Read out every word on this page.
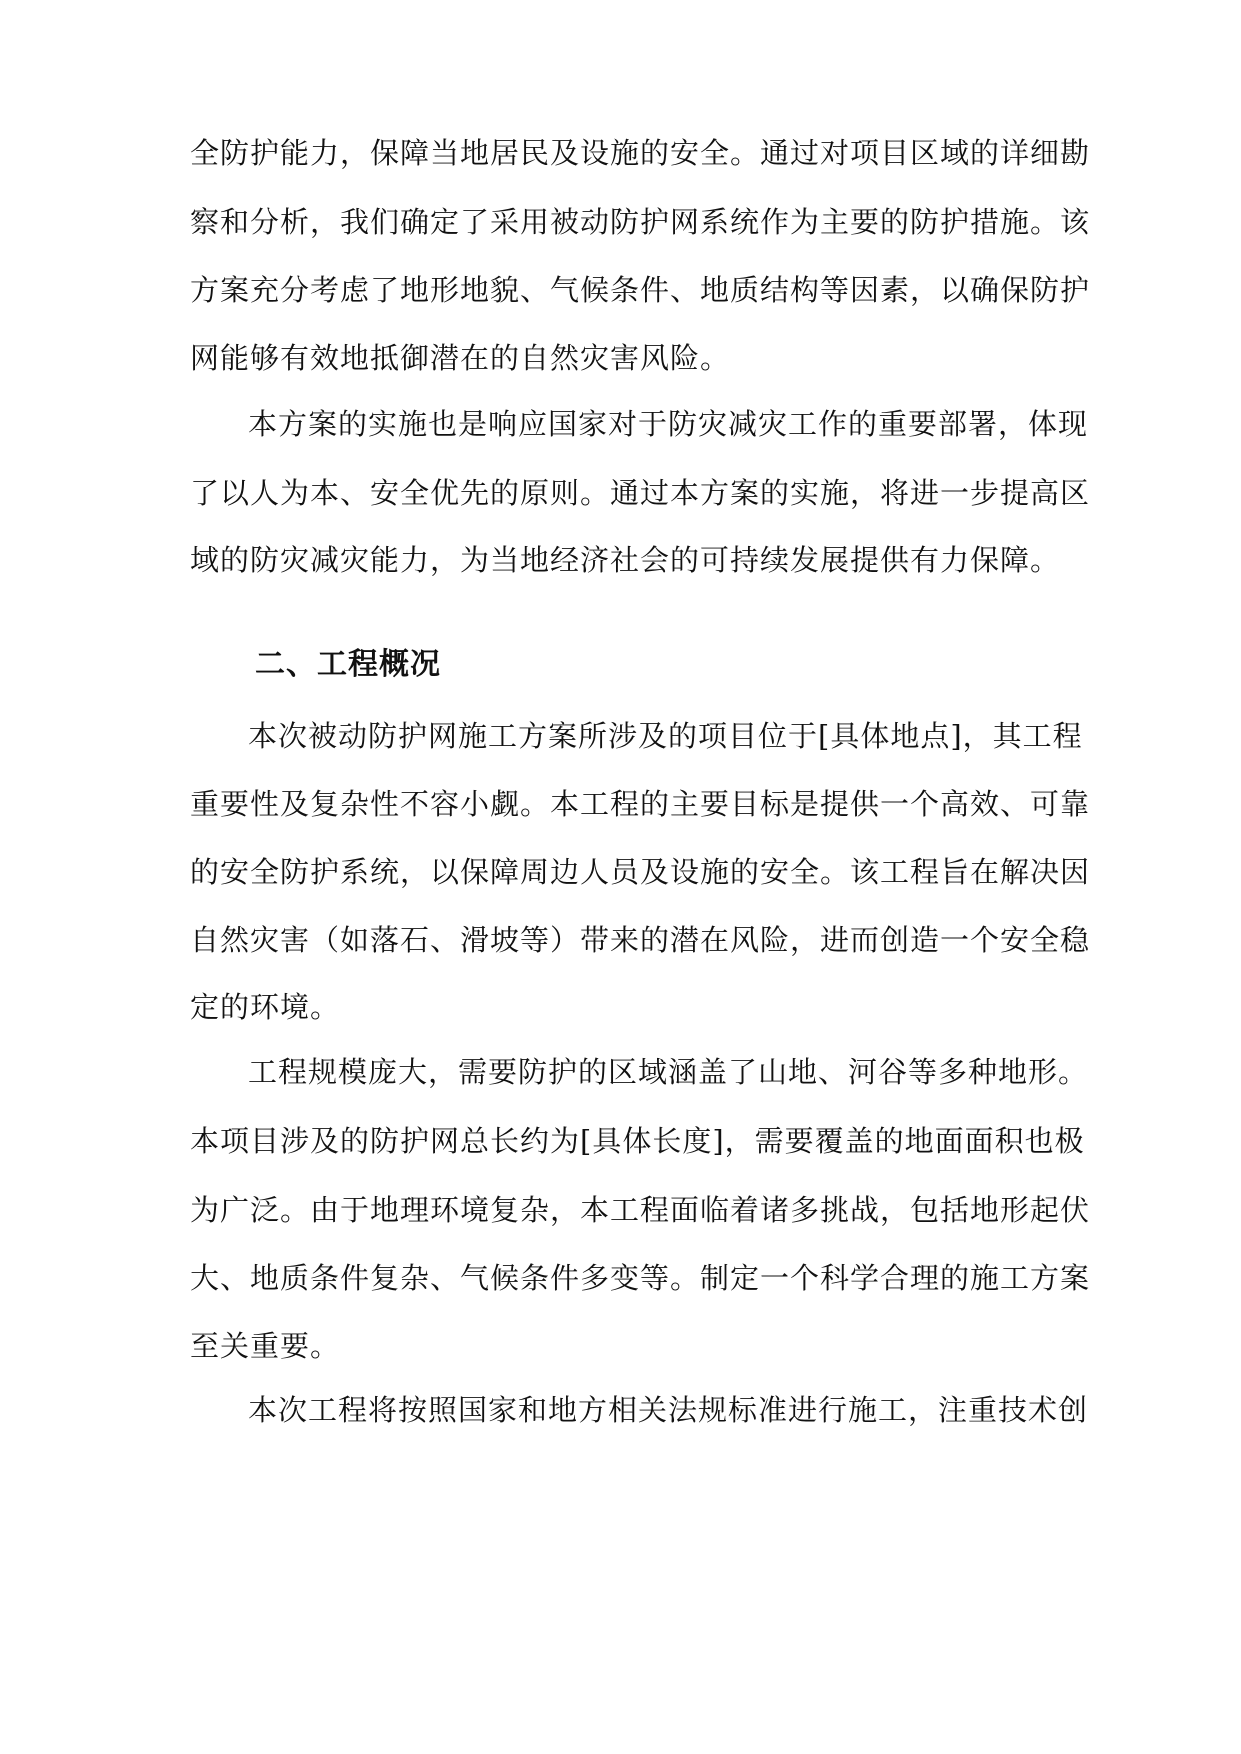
全防护能力，保障当地居民及设施的安全。通过对项目区域的详细勘
察和分析，我们确定了采用被动防护网系统作为主要的防护措施。该
方案充分考虑了地形地貌、气候条件、地质结构等因素，以确保防护
网能够有效地抵御潜在的自然灾害风险。
本方案的实施也是响应国家对于防灾减灾工作的重要部署，体现
了以人为本、安全优先的原则。通过本方案的实施，将进一步提高区
域的防灾减灾能力，为当地经济社会的可持续发展提供有力保障。
二、工程概况
本次被动防护网施工方案所涉及的项目位于[具体地点]，其工程
重要性及复杂性不容小觑。本工程的主要目标是提供一个高效、可靠
的安全防护系统，以保障周边人员及设施的安全。该工程旨在解决因
自然灾害（如落石、滑坡等）带来的潜在风险，进而创造一个安全稳
定的环境。
工程规模庞大，需要防护的区域涵盖了山地、河谷等多种地形。
本项目涉及的防护网总长约为[具体长度]，需要覆盖的地面面积也极
为广泛。由于地理环境复杂，本工程面临着诸多挑战，包括地形起伏
大、地质条件复杂、气候条件多变等。制定一个科学合理的施工方案
至关重要。
本次工程将按照国家和地方相关法规标准进行施工，注重技术创
